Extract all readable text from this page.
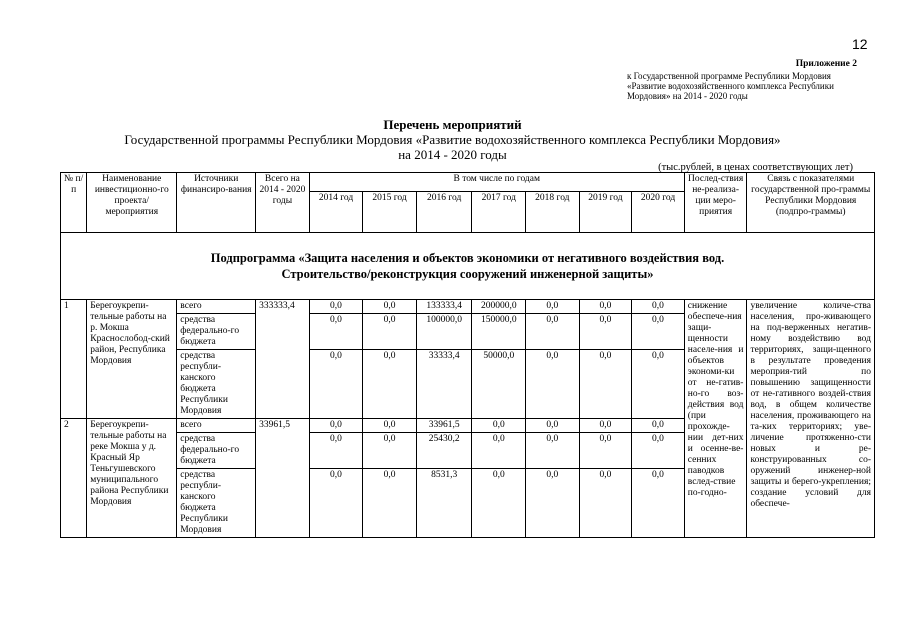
12
Приложение 2
к Государственной программе Республики Мордовия
«Развитие водохозяйственного комплекса Республики
Мордовия» на 2014 - 2020 годы
Перечень мероприятий
Государственной программы Республики Мордовия «Развитие водохозяйственного комплекса Республики Мордовия»
на 2014 - 2020 годы
(тыс.рублей, в ценах соответствующих лет)
№ п/п	Наименование инвестиционно-го проекта/ мероприятия	Источники финансиро-вания	Всего на 2014 - 2020 годы	В том числе по годам							Послед-ствия не-реализа-ции меро-приятия	Связь с показателями государственной про-граммы Республики Мордовия (подпро-граммы)
				2014 год	2015 год	2016 год	2017 год	2018 год	2019 год	2020 год		

Подпрограмма «Защита населения и объектов экономики от негативного воздействия вод.
Строительство/реконструкция сооружений инженерной защиты»												

1	Берегоукрепи-тельные работы на р. Мокша Краснослобод-ский район, Республика Мордовия	всего	333333,4	0,0	0,0	133333,4	200000,0	0,0	0,0	0,0	снижение обеспече-ния защи-щенности населе-ния и объектов экономи-ки от не-гатив-но-го воз-действия вод (при прохожде-нии дет-них и осенне-ве-сенних паводков вслед-ствие по-годно-	увеличение количе-ства населения, про-живающего на под-верженных негатив-ному воздействию вод территориях, защи-щенного в результате проведения мероприя-тий по повышению защищенности от не-гативного воздей-ствия вод, в общем количестве населения, проживающего на та-ких территориях; уве-личение протяженно-сти новых и ре-конструированных со-оружений инженер-ной защиты и берего-укрепления; создание условий для обеспече-
		средства федерально-го бюджета		0,0	0,0	100000,0	150000,0	0,0	0,0	0,0		
		средства республи-канского бюджета Республики Мордовия		0,0	0,0	33333,4	50000,0	0,0	0,0	0,0		
2	Берегоукрепи-тельные работы на реке Мокша у д. Красный Яр Теньгушевского муниципального района Республики Мордовия	всего	33961,5	0,0	0,0	33961,5	0,0	0,0	0,0	0,0		
		средства федерально-го бюджета		0,0	0,0	25430,2	0,0	0,0	0,0	0,0		
		средства республи-канского бюджета Республики Мордовия		0,0	0,0	8531,3	0,0	0,0	0,0	0,0		
